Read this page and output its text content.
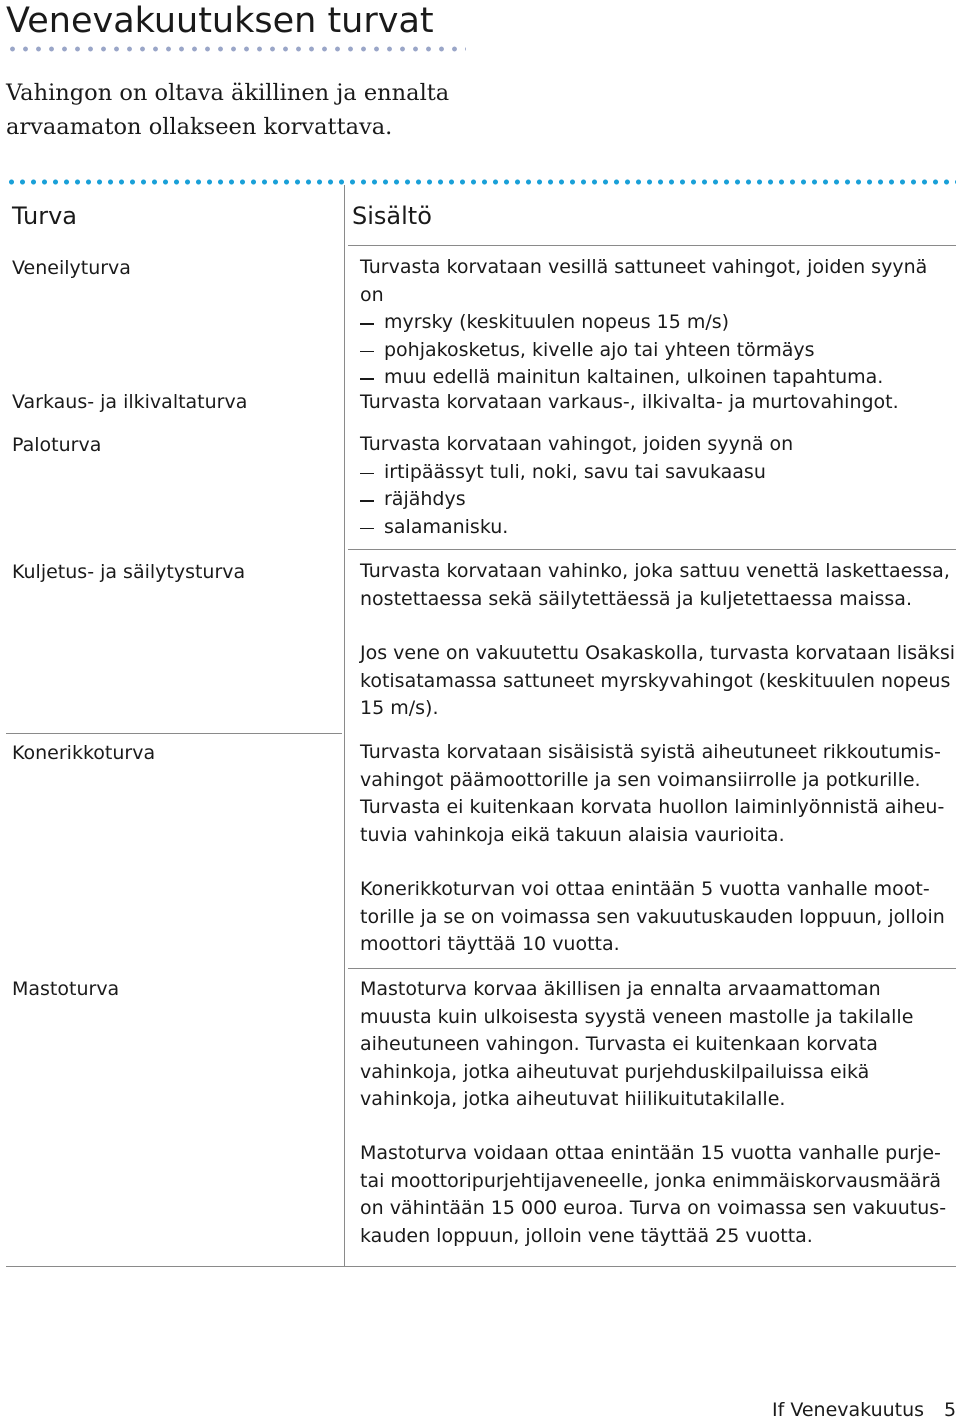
Venevakuutuksen turvat
Vahingon on oltava äkillinen ja ennalta arvaamaton ollakseen korvattava.
Turva	Sisältö
Veneilyturva
Varkaus- ja ilkivaltaturva
Paloturva
Kuljetus- ja säilytysturva
Konerikkoturva
Mastoturva

Turvasta korvataan vesillä sattuneet vahingot, joiden syynä on

myrsky (keskituulen nopeus 15 m/s)
pohjakosketus, kivelle ajo tai yhteen törmäys
muu edellä mainitun kaltainen, ulkoinen tapahtuma.

Turvasta korvataan varkaus-, ilkivalta- ja murtovahingot.

Turvasta korvataan vahingot, joiden syynä on

irtipäässyt tuli, noki, savu tai savukaasu
räjähdys
salamanisku.

Turvasta korvataan vahinko, joka sattuu venettä laskettaessa, nostettaessa sekä säilytettäessä ja kuljetettaessa maissa.

Jos vene on vakuutettu Osakaskolla, turvasta korvataan lisäksi kotisatamassa sattuneet myrskyvahingot (keskituulen nopeus 15 m/s).

Turvasta korvataan sisäisistä syistä aiheutuneet rikkoutumisvahingot päämoottorille ja sen voimansiirrolle ja potkurille. Turvasta ei kuitenkaan korvata huollon laiminlyönnistä aiheutuvia vahinkoja eikä takuun alaisia vaurioita.

Konerikkoturvan voi ottaa enintään 5 vuotta vanhalle moottorille ja se on voimassa sen vakuutuskauden loppuun, jolloin moottori täyttää 10 vuotta.

Mastoturva korvaa äkillisen ja ennalta arvaamattoman muusta kuin ulkoisesta syystä veneen mastolle ja takilalle aiheutuneen vahingon. Turvasta ei kuitenkaan korvata vahinkoja, jotka aiheutuvat purjehduskilpailuissa eikä vahinkoja, jotka aiheutuvat hiilikuitutakilalle.

Mastoturva voidaan ottaa enintään 15 vuotta vanhalle purje- tai moottoripurjehtijaveneelle, jonka enimmäiskorvausmäärä on vähintään 15 000 euroa. Turva on voimassa sen vakuutuskauden loppuun, jolloin vene täyttää 25 vuotta.

If Venevakuutus 5
